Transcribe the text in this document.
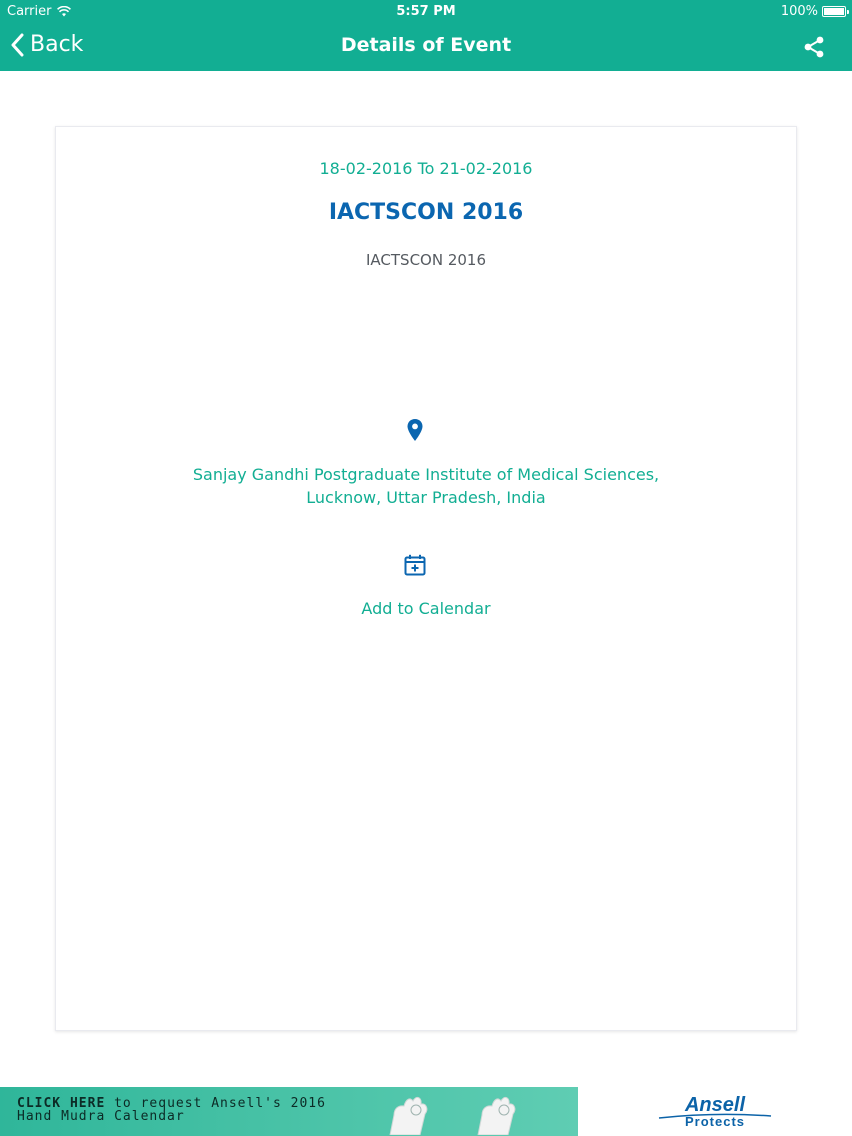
Carrier	5:57 PM	100%
Back	Details of Event
18-02-2016 To 21-02-2016
IACTSCON 2016
IACTSCON 2016
Sanjay Gandhi Postgraduate Institute of Medical Sciences,
Lucknow, Uttar Pradesh, India
Add to Calendar
CLICK HERE to request Ansell's 2016
Hand Mudra Calendar
Ansell
Protects
